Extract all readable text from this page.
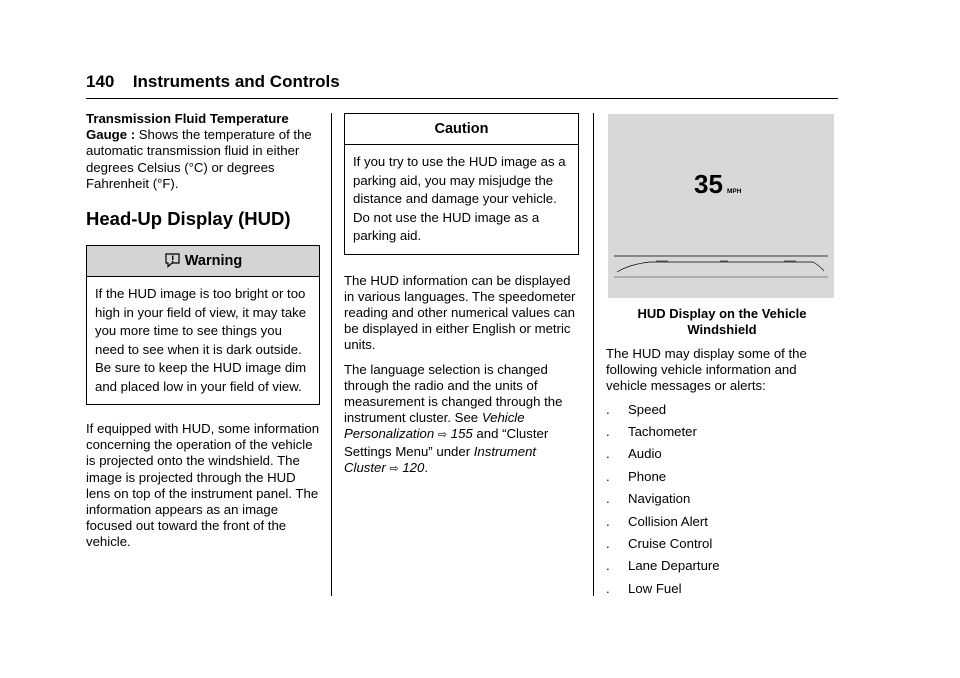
140 Instruments and Controls

Transmission Fluid Temperature Gauge : Shows the temperature of the automatic transmission fluid in either degrees Celsius (°C) or degrees Fahrenheit (°F).

Head-Up Display (HUD)
Warning
If the HUD image is too bright or too high in your field of view, it may take you more time to see things you need to see when it is dark outside. Be sure to keep the HUD image dim and placed low in your field of view.

If equipped with HUD, some information concerning the operation of the vehicle is projected onto the windshield. The image is projected through the HUD lens on top of the instrument panel. The information appears as an image focused out toward the front of the vehicle.

Caution
If you try to use the HUD image as a parking aid, you may misjudge the distance and damage your vehicle. Do not use the HUD image as a parking aid.

The HUD information can be displayed in various languages. The speedometer reading and other numerical values can be displayed in either English or metric units.

The language selection is changed through the radio and the units of measurement is changed through the instrument cluster. See Vehicle Personalization ⇨ 155 and “Cluster Settings Menu” under Instrument Cluster ⇨ 120.

35 MPH
HUD Display on the Vehicle Windshield

The HUD may display some of the following vehicle information and vehicle messages or alerts:

. Speed
. Tachometer
. Audio
. Phone
. Navigation
. Collision Alert
. Cruise Control
. Lane Departure
. Low Fuel
